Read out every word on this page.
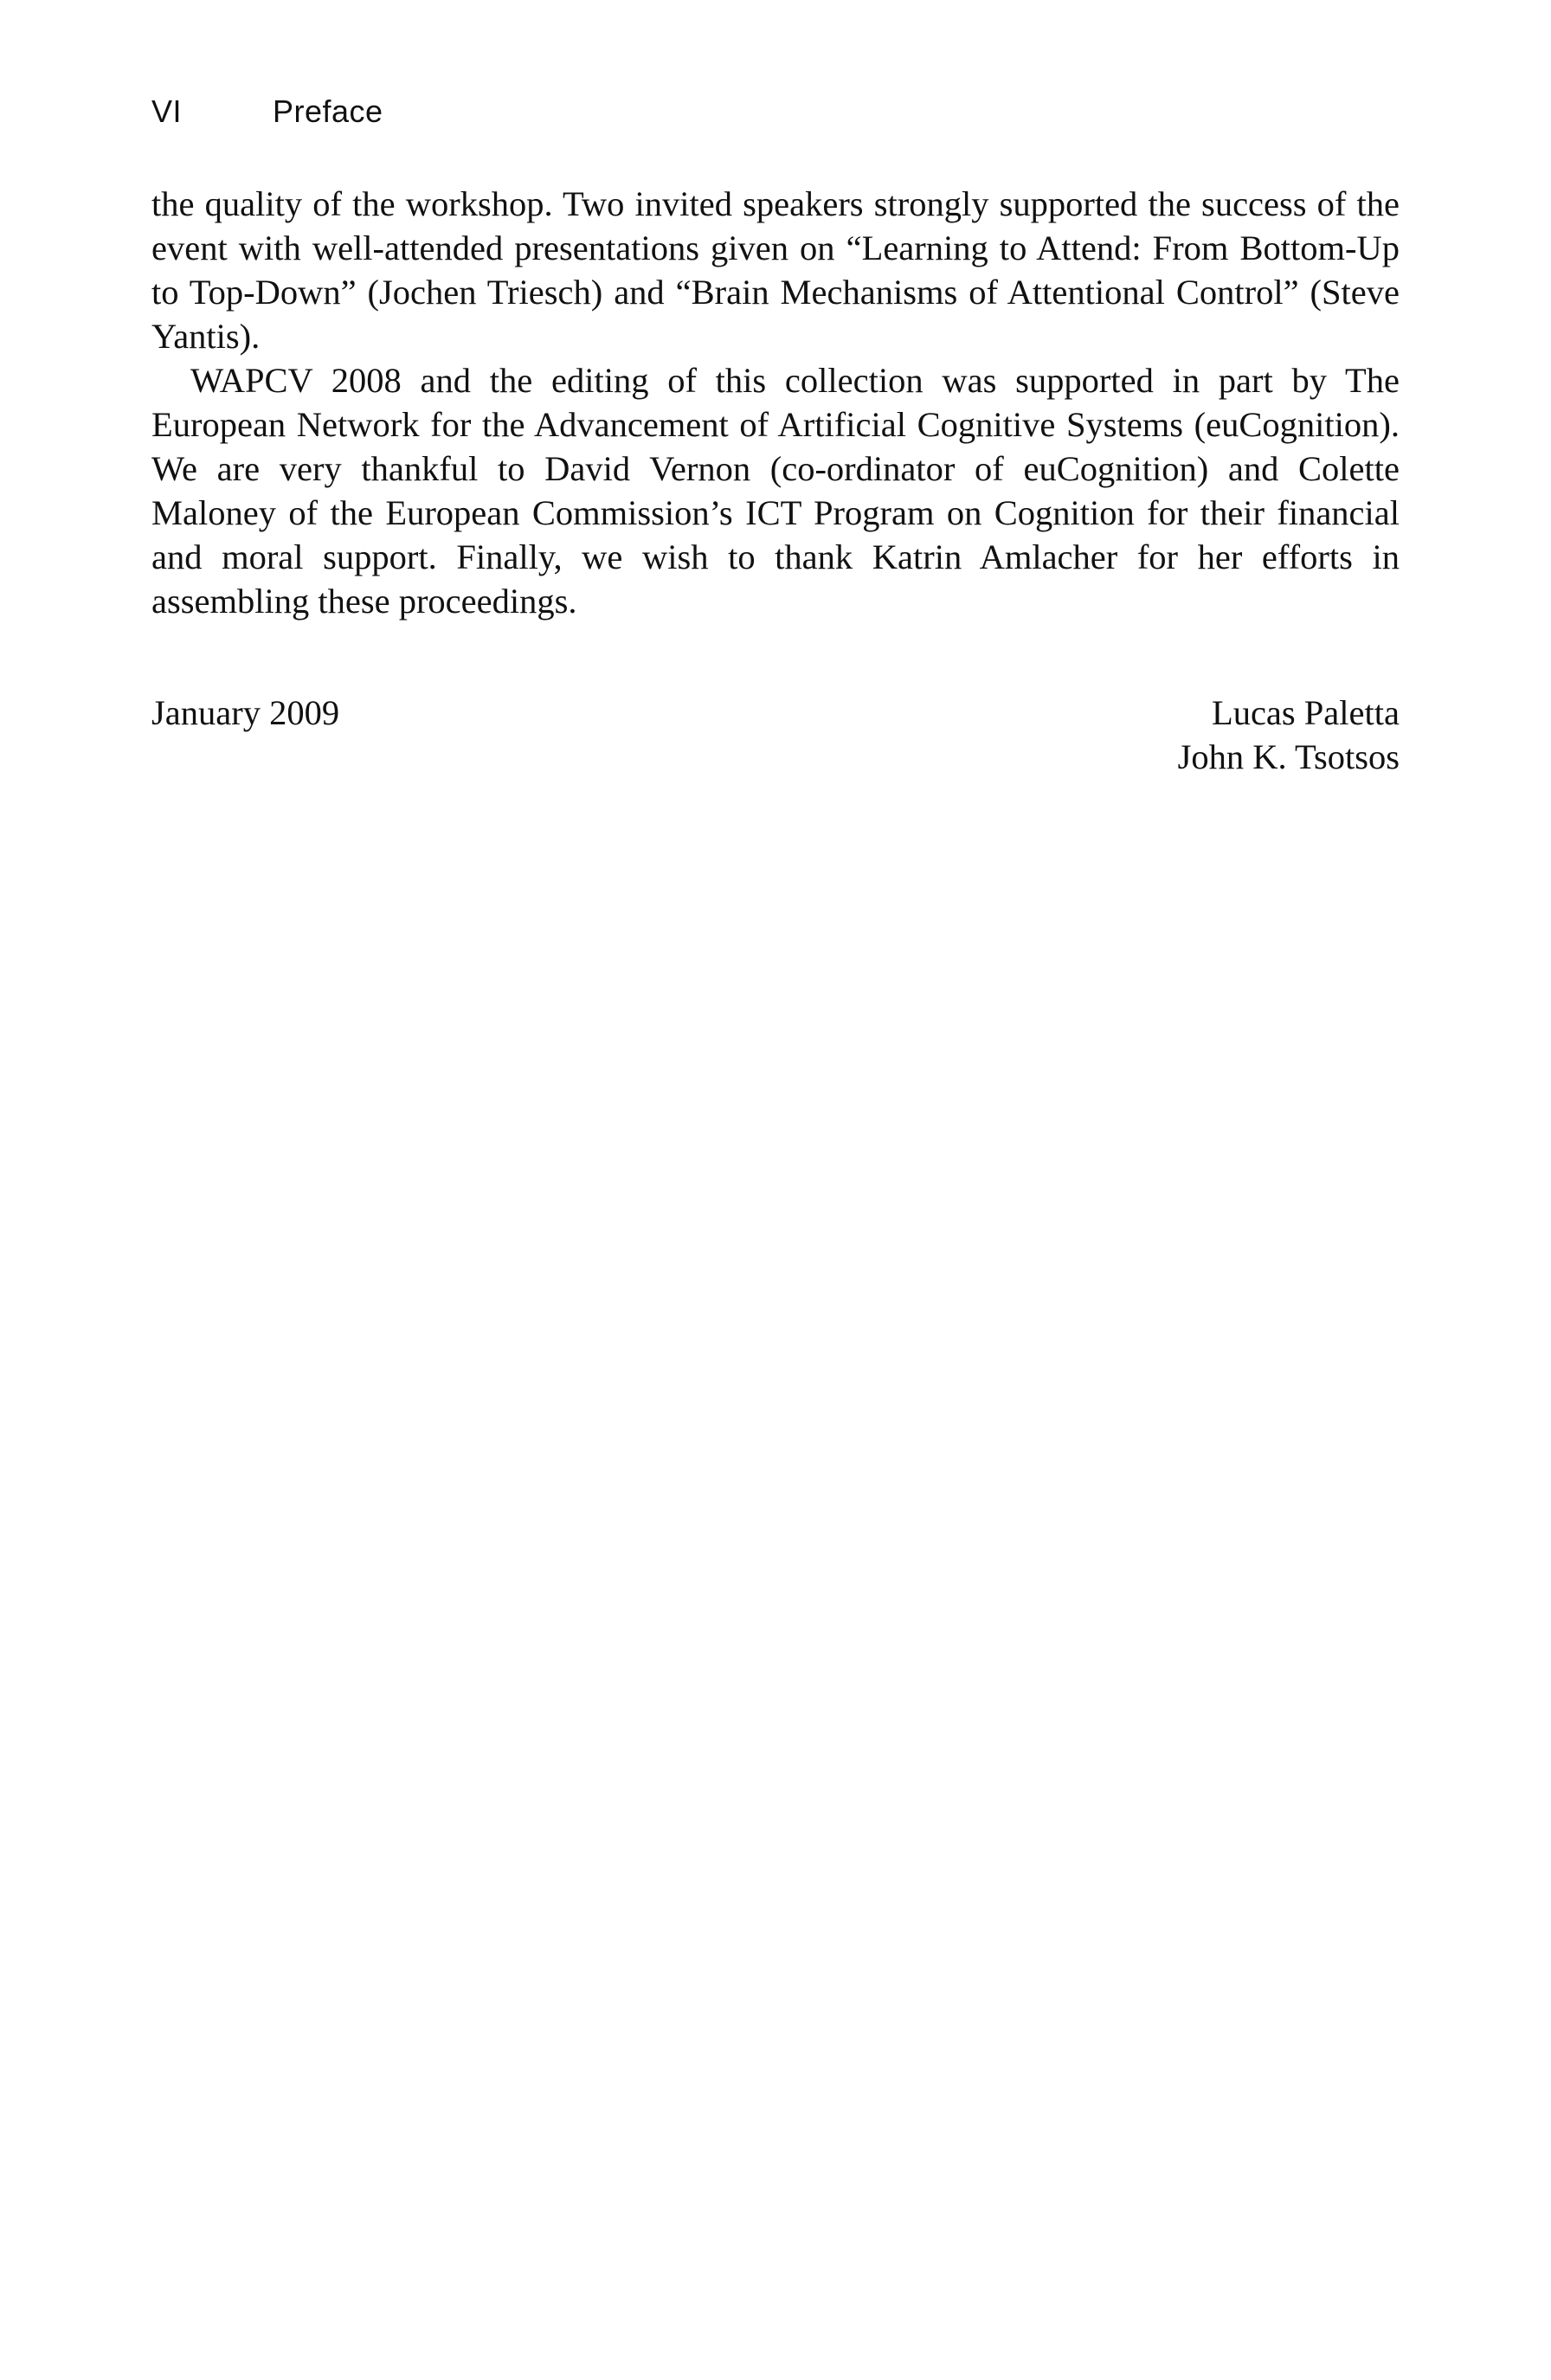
VI	Preface

the quality of the workshop. Two invited speakers strongly supported the success of the event with well-attended presentations given on “Learning to Attend: From Bottom-Up to Top-Down” (Jochen Triesch) and “Brain Mechanisms of Attentional Control” (Steve Yantis).

WAPCV 2008 and the editing of this collection was supported in part by The European Network for the Advancement of Artificial Cognitive Systems (euCognition). We are very thankful to David Vernon (co-ordinator of euCognition) and Colette Maloney of the European Commission’s ICT Program on Cognition for their financial and moral support. Finally, we wish to thank Katrin Amlacher for her efforts in assembling these proceedings.

January 2009	Lucas Paletta
John K. Tsotsos
